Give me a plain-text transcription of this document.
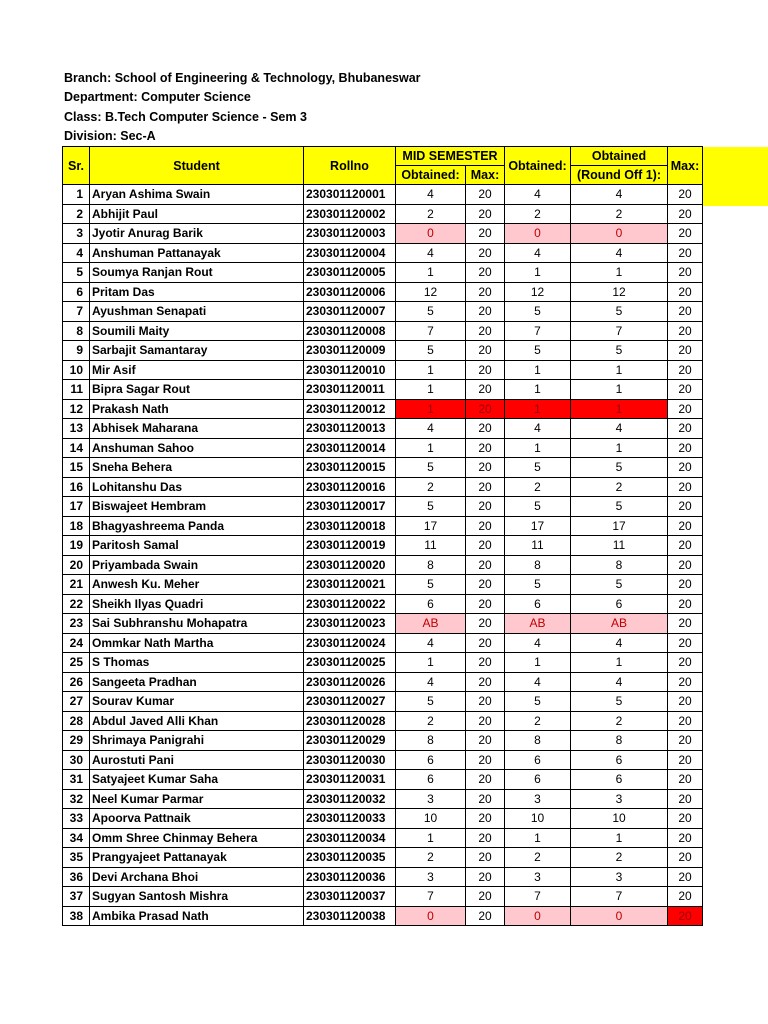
Branch: School of Engineering & Technology, Bhubaneswar
Department: Computer Science
Class: B.Tech Computer Science - Sem 3
Division: Sec-A
Sr.	Student	Rollno	MID SEMESTER		Obtained:	Obtained	Max:
			Obtained:	Max:		(Round Off 1):	
1	Aryan Ashima Swain	230301120001	4	20	4	4	20
2	Abhijit Paul	230301120002	2	20	2	2	20
3	Jyotir Anurag Barik	230301120003	0	20	0	0	20
4	Anshuman Pattanayak	230301120004	4	20	4	4	20
5	Soumya Ranjan Rout	230301120005	1	20	1	1	20
6	Pritam Das	230301120006	12	20	12	12	20
7	Ayushman Senapati	230301120007	5	20	5	5	20
8	Soumili Maity	230301120008	7	20	7	7	20
9	Sarbajit Samantaray	230301120009	5	20	5	5	20
10	Mir Asif	230301120010	1	20	1	1	20
11	Bipra Sagar Rout	230301120011	1	20	1	1	20
12	Prakash Nath	230301120012	1	20	1	1	20
13	Abhisek Maharana	230301120013	4	20	4	4	20
14	Anshuman Sahoo	230301120014	1	20	1	1	20
15	Sneha Behera	230301120015	5	20	5	5	20
16	Lohitanshu Das	230301120016	2	20	2	2	20
17	Biswajeet Hembram	230301120017	5	20	5	5	20
18	Bhagyashreema Panda	230301120018	17	20	17	17	20
19	Paritosh Samal	230301120019	11	20	11	11	20
20	Priyambada Swain	230301120020	8	20	8	8	20
21	Anwesh Ku. Meher	230301120021	5	20	5	5	20
22	Sheikh Ilyas Quadri	230301120022	6	20	6	6	20
23	Sai Subhranshu Mohapatra	230301120023	AB	20	AB	AB	20
24	Ommkar Nath Martha	230301120024	4	20	4	4	20
25	S Thomas	230301120025	1	20	1	1	20
26	Sangeeta Pradhan	230301120026	4	20	4	4	20
27	Sourav Kumar	230301120027	5	20	5	5	20
28	Abdul Javed Alli Khan	230301120028	2	20	2	2	20
29	Shrimaya Panigrahi	230301120029	8	20	8	8	20
30	Aurostuti Pani	230301120030	6	20	6	6	20
31	Satyajeet Kumar Saha	230301120031	6	20	6	6	20
32	Neel Kumar Parmar	230301120032	3	20	3	3	20
33	Apoorva Pattnaik	230301120033	10	20	10	10	20
34	Omm Shree Chinmay Behera	230301120034	1	20	1	1	20
35	Prangyajeet Pattanayak	230301120035	2	20	2	2	20
36	Devi Archana Bhoi	230301120036	3	20	3	3	20
37	Sugyan Santosh Mishra	230301120037	7	20	7	7	20
38	Ambika Prasad Nath	230301120038	0	20	0	0	20
